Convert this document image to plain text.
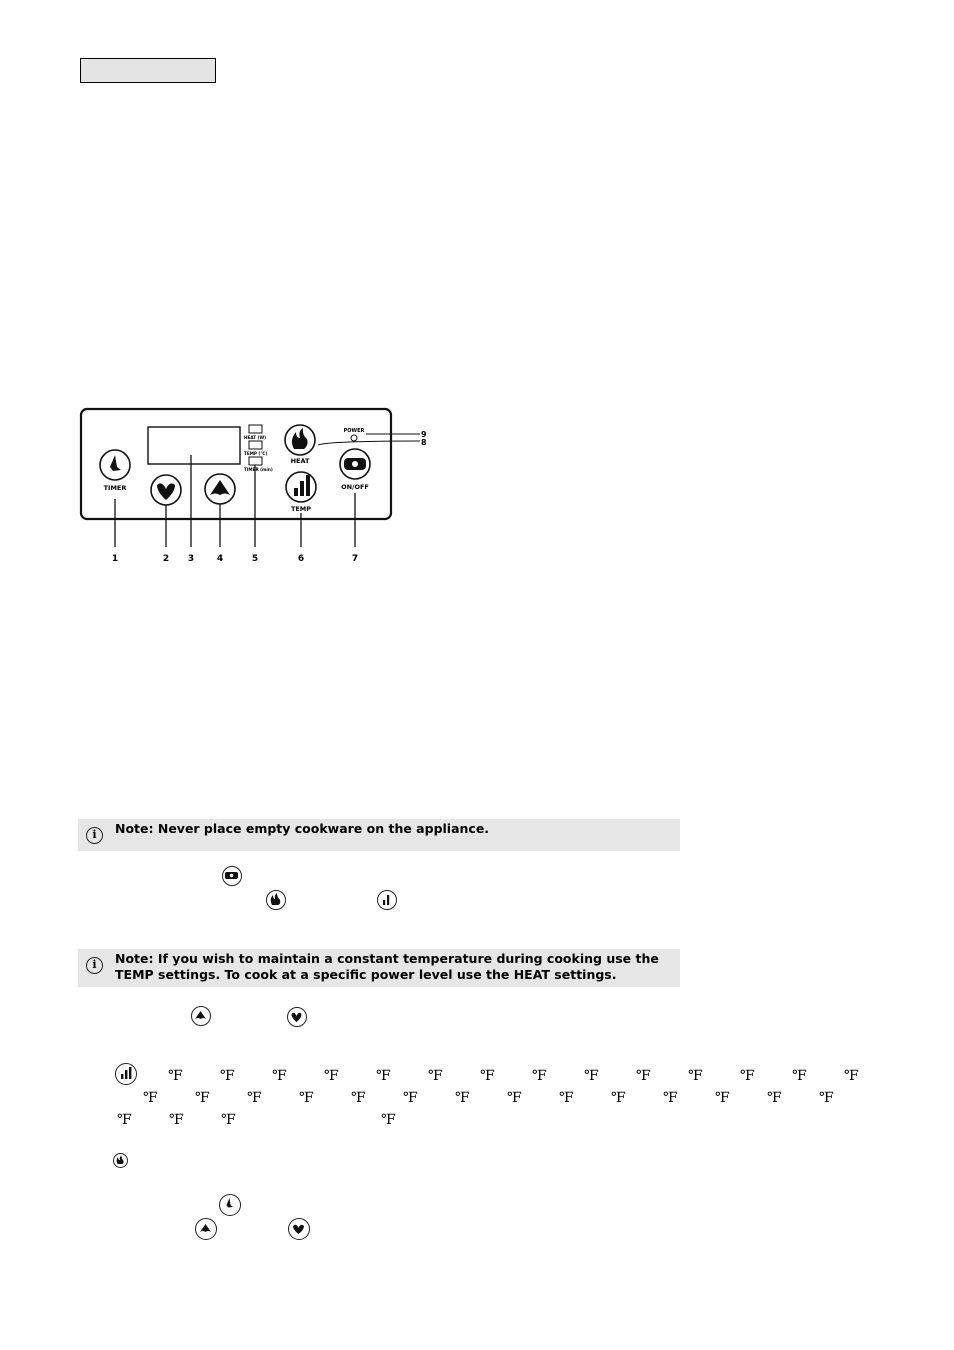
HEAT (W)
TEMP (°C)
TIMER (min)
TIMER
HEAT
TEMP
ON/OFF
POWER
1	2 3	4	5	6	7
8
9
i	Note: Never place empty cookware on the appliance.
i	Note: If you wish to maintain a constant temperature during cooking use the TEMP settings. To cook at a specific power level use the HEAT settings.
℉	℉	℉	℉	℉	℉	℉	℉	℉	℉	℉	℉	℉	℉
℉	℉	℉	℉	℉	℉	℉	℉	℉	℉	℉	℉	℉	℉
℉	℉	℉	℉
